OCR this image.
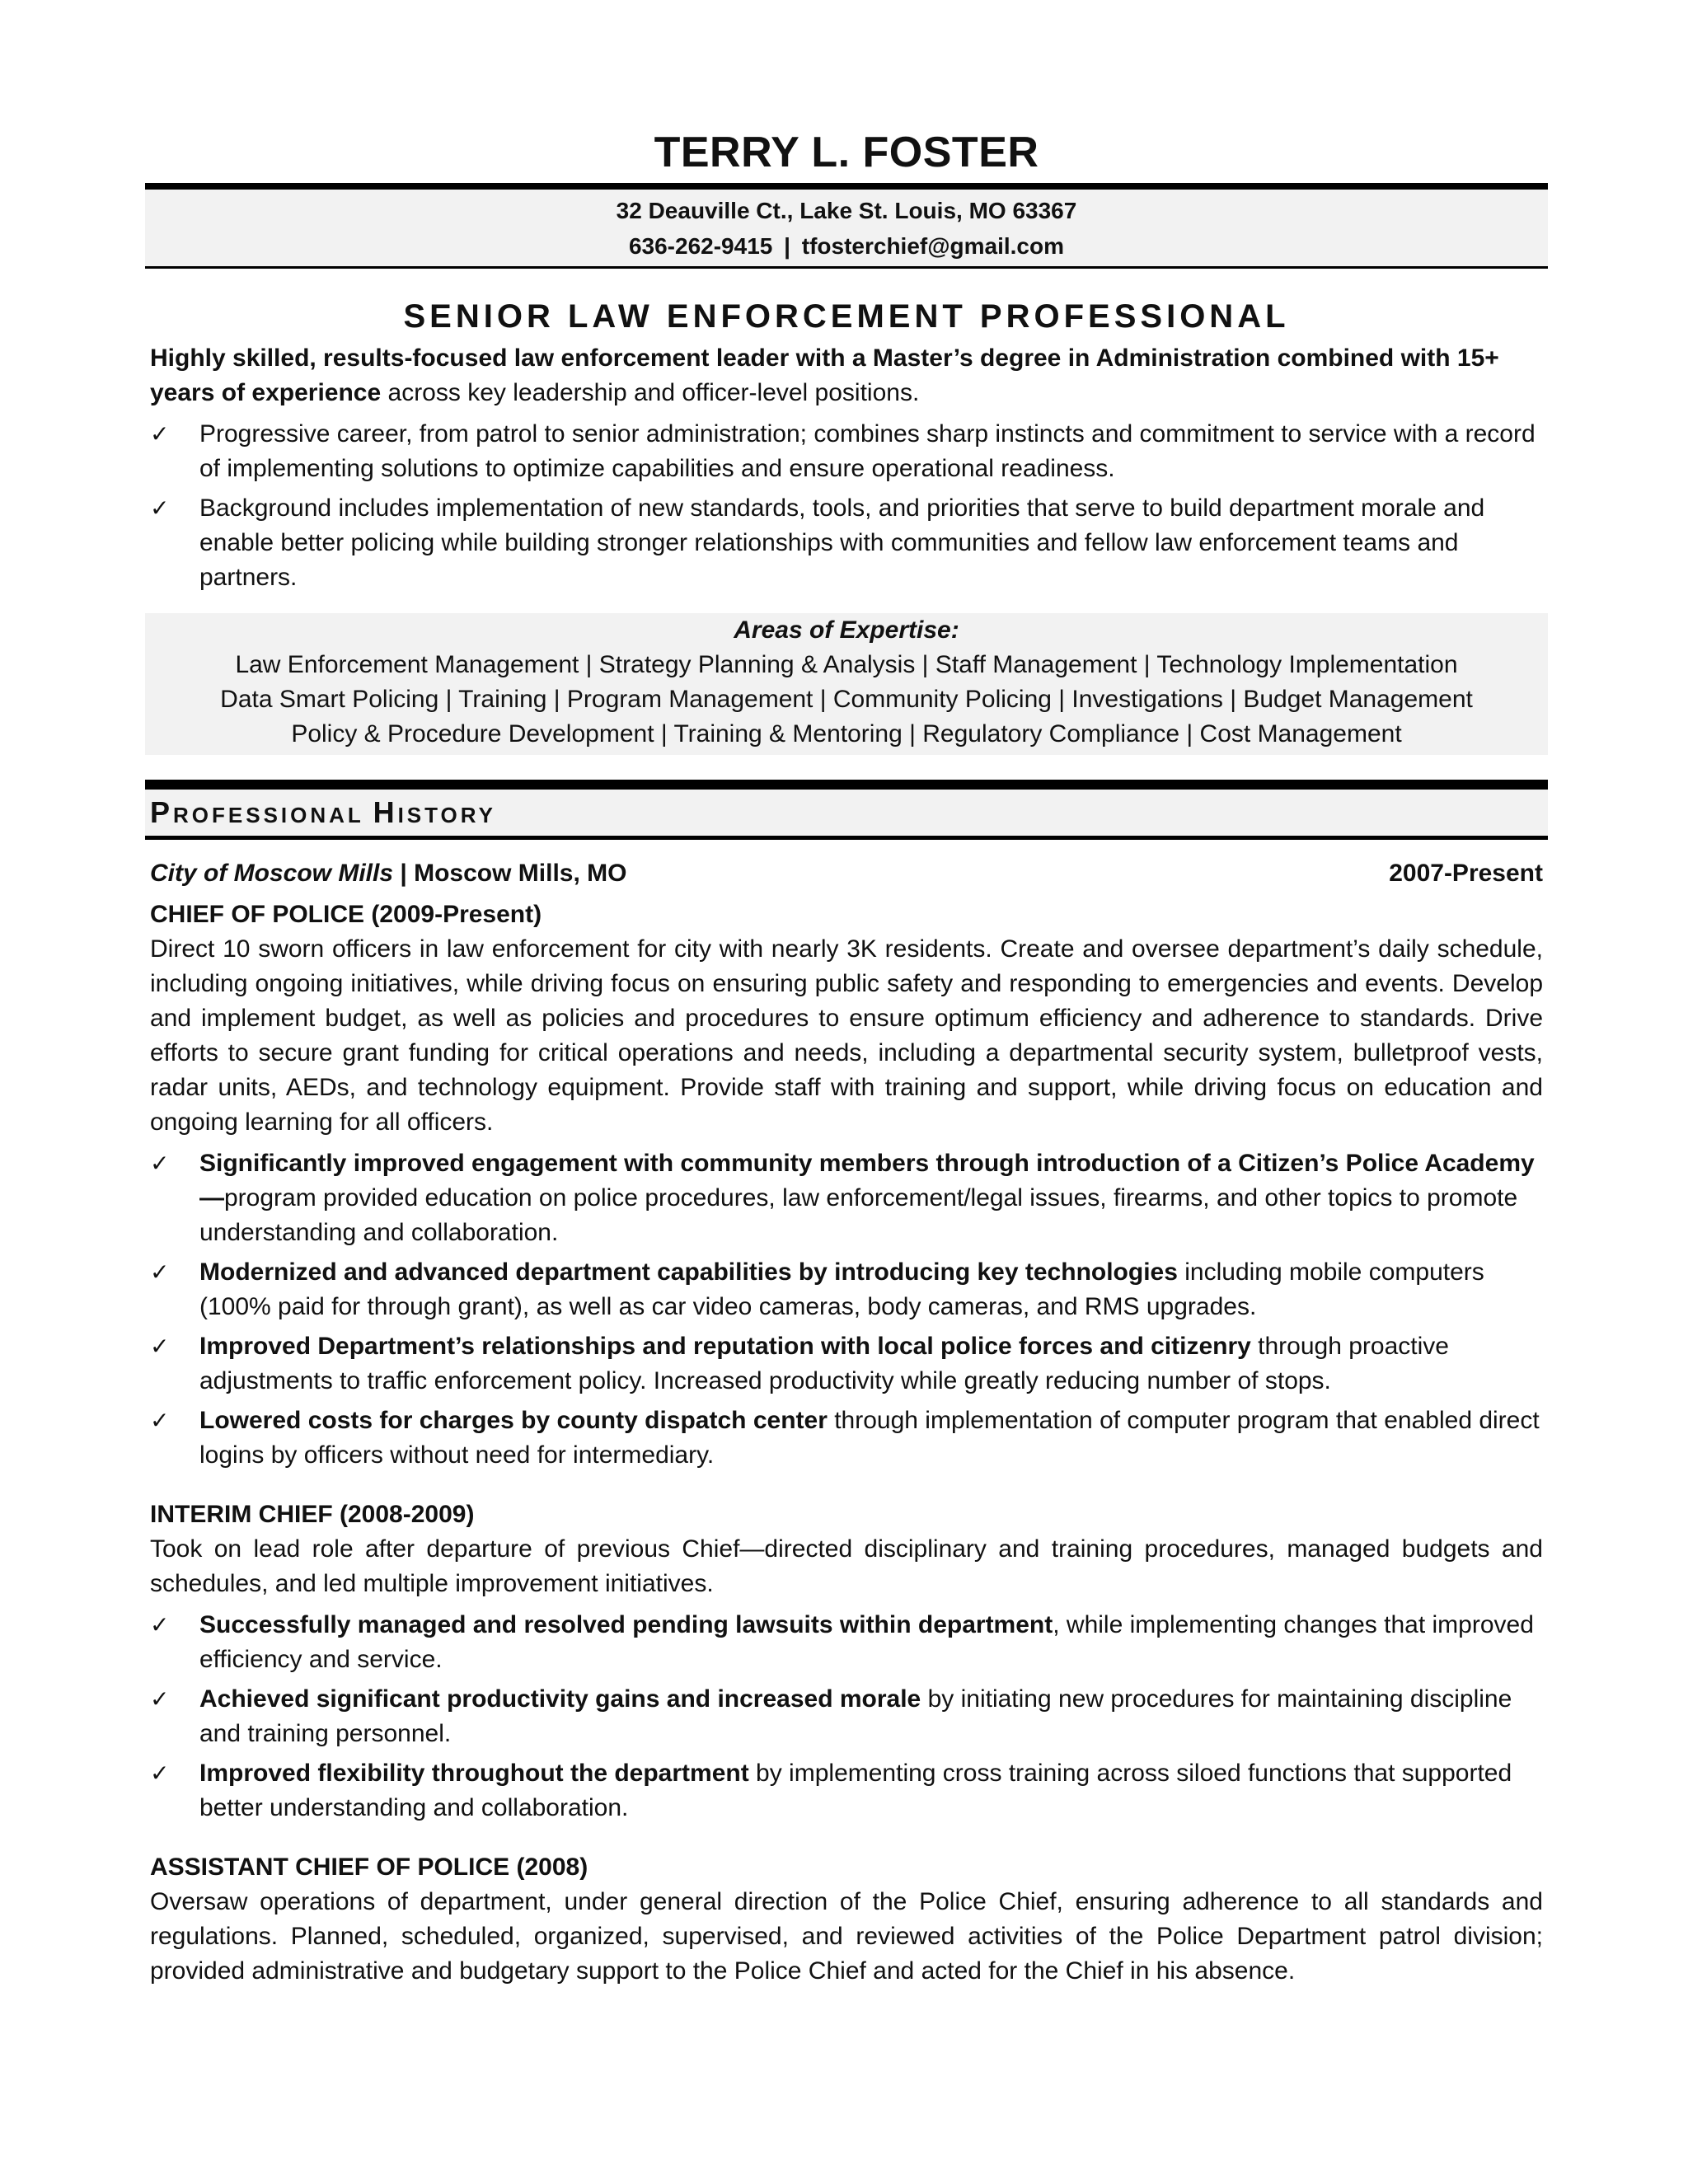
TERRY L. FOSTER
32 Deauville Ct., Lake St. Louis, MO 63367
636-262-9415 | tfosterchief@gmail.com
SENIOR LAW ENFORCEMENT PROFESSIONAL
Highly skilled, results-focused law enforcement leader with a Master’s degree in Administration combined with 15+ years of experience across key leadership and officer-level positions.
✓ Progressive career, from patrol to senior administration; combines sharp instincts and commitment to service with a record of implementing solutions to optimize capabilities and ensure operational readiness.
✓ Background includes implementation of new standards, tools, and priorities that serve to build department morale and enable better policing while building stronger relationships with communities and fellow law enforcement teams and partners.
Areas of Expertise:
Law Enforcement Management | Strategy Planning & Analysis | Staff Management | Technology Implementation
Data Smart Policing | Training | Program Management | Community Policing | Investigations | Budget Management
Policy & Procedure Development | Training & Mentoring | Regulatory Compliance | Cost Management
PROFESSIONAL HISTORY
City of Moscow Mills | Moscow Mills, MO	2007-Present
CHIEF OF POLICE (2009-Present)
Direct 10 sworn officers in law enforcement for city with nearly 3K residents. Create and oversee department’s daily schedule, including ongoing initiatives, while driving focus on ensuring public safety and responding to emergencies and events. Develop and implement budget, as well as policies and procedures to ensure optimum efficiency and adherence to standards. Drive efforts to secure grant funding for critical operations and needs, including a departmental security system, bulletproof vests, radar units, AEDs, and technology equipment. Provide staff with training and support, while driving focus on education and ongoing learning for all officers.
✓ Significantly improved engagement with community members through introduction of a Citizen’s Police Academy—program provided education on police procedures, law enforcement/legal issues, firearms, and other topics to promote understanding and collaboration.
✓ Modernized and advanced department capabilities by introducing key technologies including mobile computers (100% paid for through grant), as well as car video cameras, body cameras, and RMS upgrades.
✓ Improved Department’s relationships and reputation with local police forces and citizenry through proactive adjustments to traffic enforcement policy. Increased productivity while greatly reducing number of stops.
✓ Lowered costs for charges by county dispatch center through implementation of computer program that enabled direct logins by officers without need for intermediary.
INTERIM CHIEF (2008-2009)
Took on lead role after departure of previous Chief—directed disciplinary and training procedures, managed budgets and schedules, and led multiple improvement initiatives.
✓ Successfully managed and resolved pending lawsuits within department, while implementing changes that improved efficiency and service.
✓ Achieved significant productivity gains and increased morale by initiating new procedures for maintaining discipline and training personnel.
✓ Improved flexibility throughout the department by implementing cross training across siloed functions that supported better understanding and collaboration.
ASSISTANT CHIEF OF POLICE (2008)
Oversaw operations of department, under general direction of the Police Chief, ensuring adherence to all standards and regulations. Planned, scheduled, organized, supervised, and reviewed activities of the Police Department patrol division; provided administrative and budgetary support to the Police Chief and acted for the Chief in his absence.
